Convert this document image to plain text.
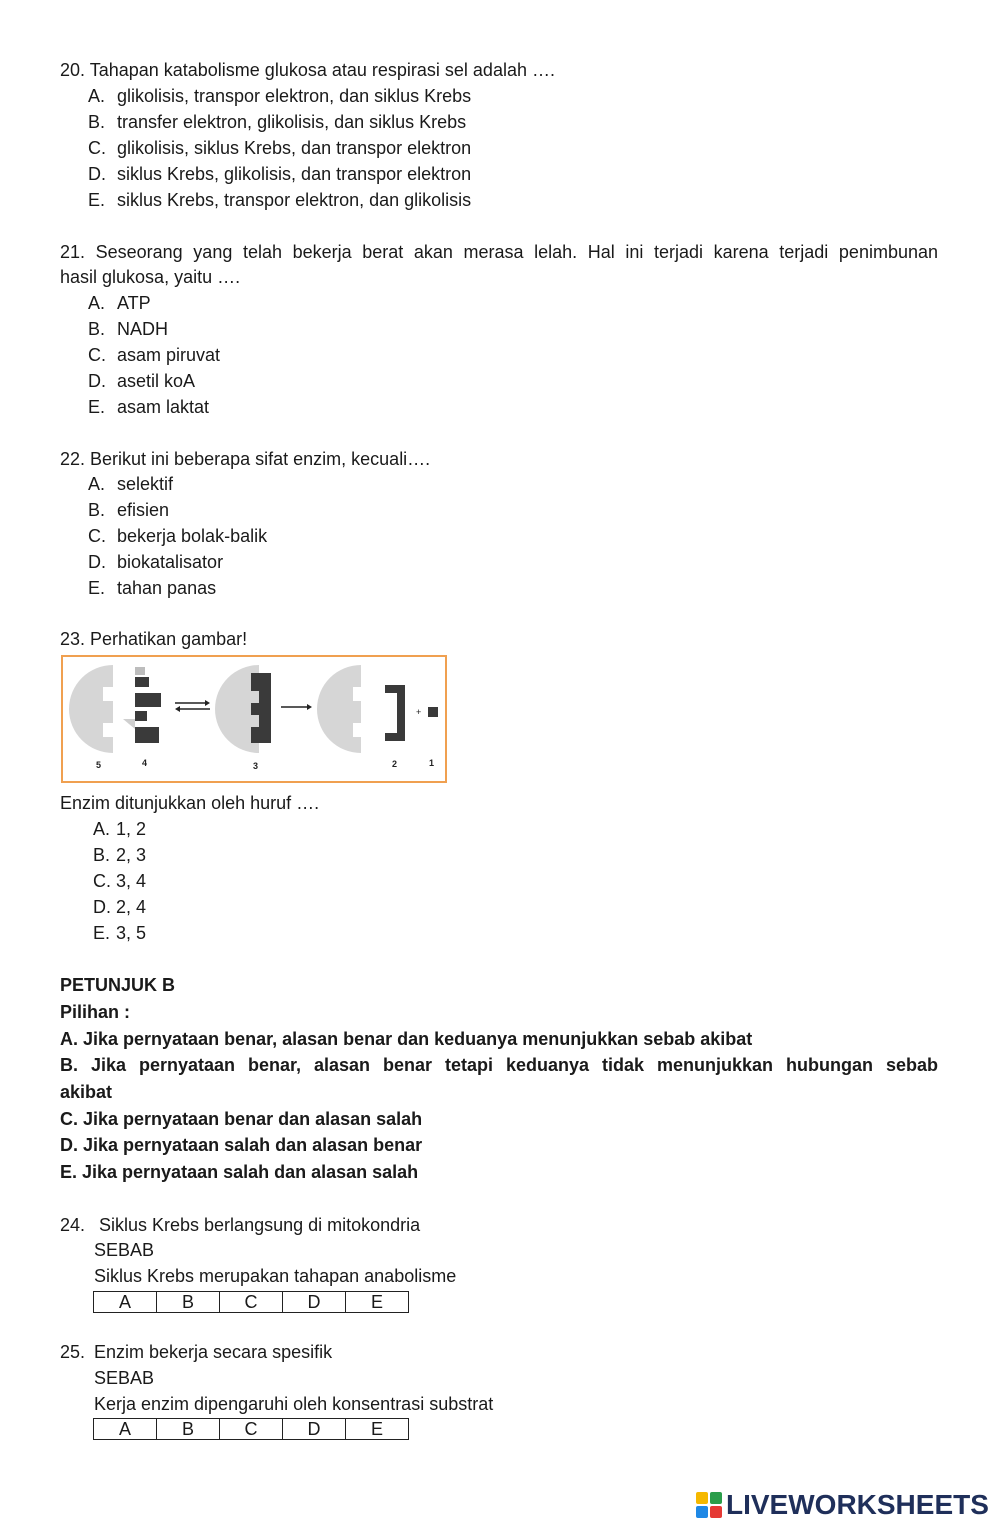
20. Tahapan katabolisme glukosa atau respirasi sel adalah ….
A. glikolisis, transpor elektron, dan siklus Krebs
B. transfer elektron, glikolisis, dan siklus Krebs
C. glikolisis, siklus Krebs, dan transpor elektron
D. siklus Krebs, glikolisis, dan transpor elektron
E. siklus Krebs, transpor elektron, dan glikolisis
21. Seseorang yang telah bekerja berat akan merasa lelah. Hal ini terjadi karena terjadi penimbunan
hasil glukosa, yaitu ….
A. ATP
B. NADH
C. asam piruvat
D. asetil koA
E. asam laktat
22. Berikut ini beberapa sifat enzim, kecuali….
A. selektif
B. efisien
C. bekerja bolak-balik
D. biokatalisator
E. tahan panas
23. Perhatikan gambar!
+
5	4	3	2	1
Enzim ditunjukkan oleh huruf ….
A. 1, 2
B. 2, 3
C. 3, 4
D. 2, 4
E. 3, 5
PETUNJUK B
Pilihan :
A. Jika pernyataan benar, alasan benar dan keduanya menunjukkan sebab akibat
B. Jika pernyataan benar, alasan benar tetapi keduanya tidak menunjukkan hubungan sebab
akibat
C. Jika pernyataan benar dan alasan salah
D. Jika pernyataan salah dan alasan benar
E. Jika pernyataan salah dan alasan salah
24. Siklus Krebs berlangsung di mitokondria
SEBAB
Siklus Krebs merupakan tahapan anabolisme
A	B	C	D	E
25. Enzim bekerja secara spesifik
SEBAB
Kerja enzim dipengaruhi oleh konsentrasi substrat
A	B	C	D	E
LIVEWORKSHEETS
